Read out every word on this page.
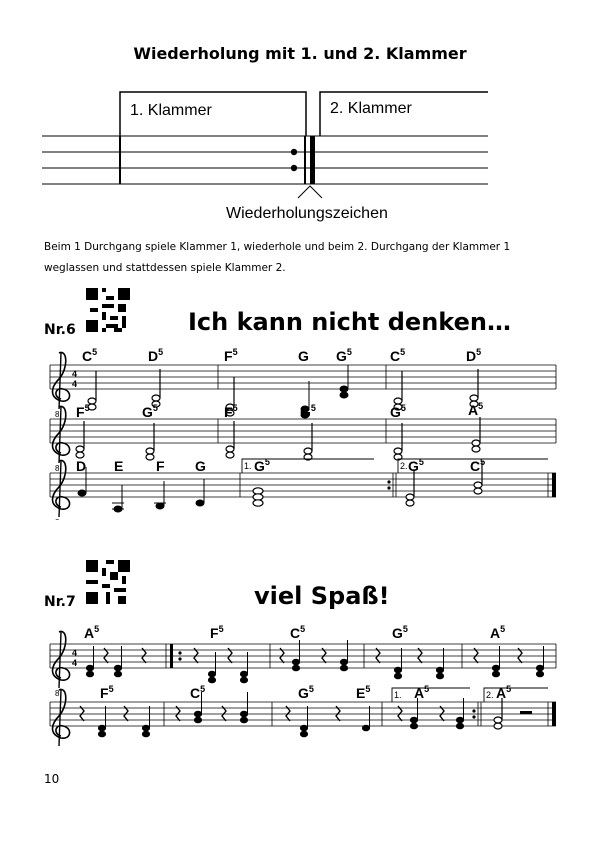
Wiederholung mit 1. und 2. Klammer
1. Klammer	2. Klammer
Wiederholungszeichen
Beim 1 Durchgang spiele Klammer 1, wiederhole und beim 2. Durchgang der Klammer 1 weglassen und stattdessen spiele Klammer 2.
Nr.6	Ich kann nicht denken…
8
4
4
$C^5$	$D^5$	$F^5$	G $G^5$	$C^5$	$D^5$
$F^5$	$G^5$	$F^5$	$G^5$	$G^5$	$A^5$
1.	2.
D E F G	$G^5$	$G^5$	$C^5$
Nr.7	viel Spaß!
8
4
4
$A^5$	$F^5$	$C^5$	$G^5$	$A^5$
1.	2.
$F^5$	$C^5$	$G^5$	$E^5$	$A^5$	$A^5$
10
